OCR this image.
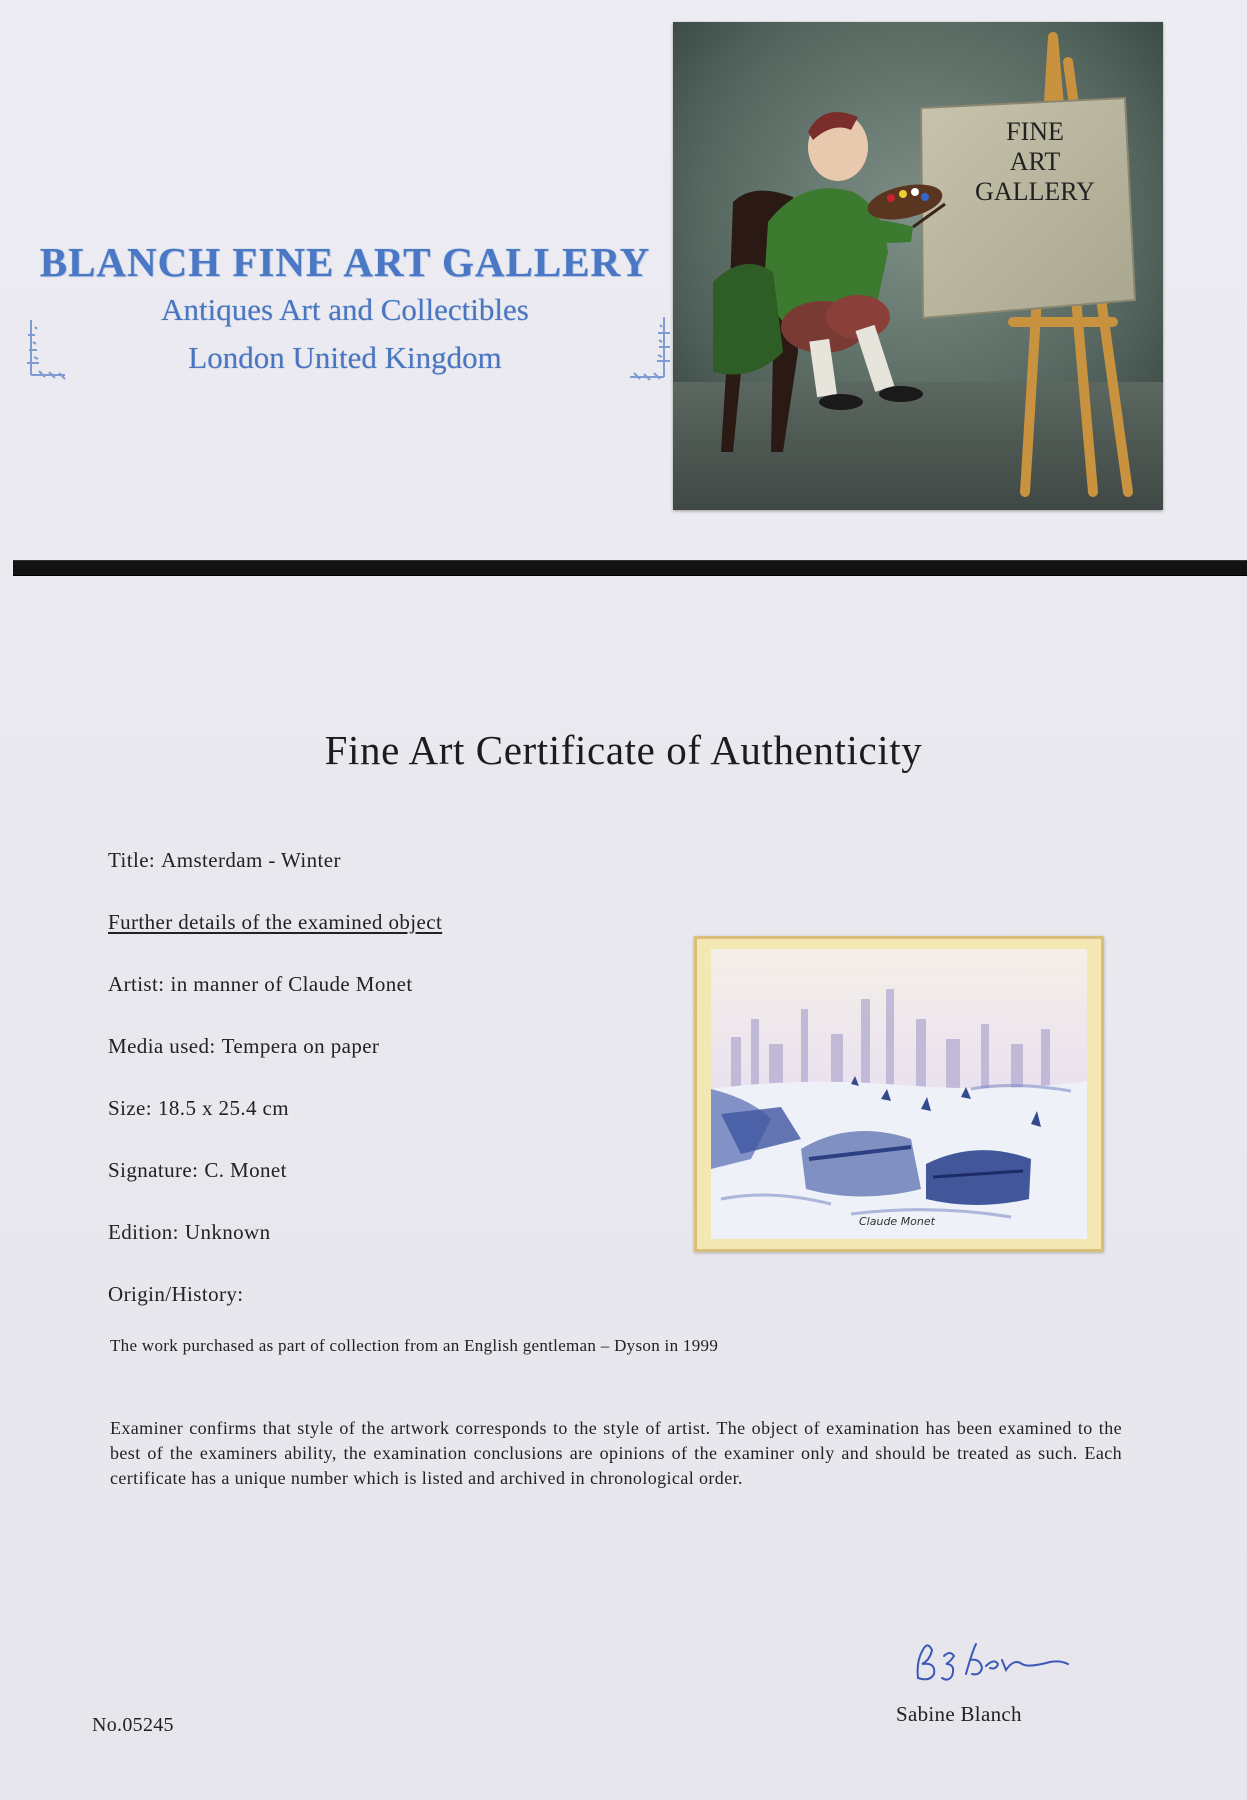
BLANCH FINE ART GALLERY
Antiques Art and Collectibles
London United Kingdom
FINE
ART
GALLERY
Fine Art Certificate of Authenticity
Title: Amsterdam - Winter
Further details of the examined object
Artist: in manner of Claude Monet
Media used: Tempera on paper
Size: 18.5 x 25.4 cm
Signature: C. Monet
Edition: Unknown
Origin/History:
The work purchased as part of collection from an English gentleman – Dyson in 1999
Claude Monet
Examiner confirms that style of the artwork corresponds to the style of artist. The object of examination has been examined to the best of the examiners ability, the examination conclusions are opinions of the examiner only and should be treated as such. Each certificate has a unique number which is listed and archived in chronological order.
No.05245	Sabine Blanch
